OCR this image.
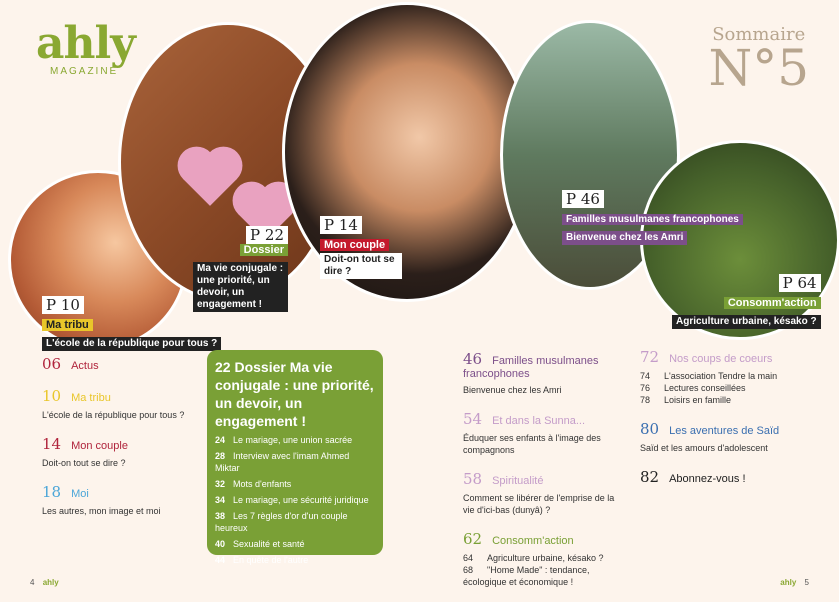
ahly
MAGAZINE
Sommaire
N°5
P 10
Ma tribu
L'école de la république pour tous ?
P 22

Dossier

Ma vie conjugale : une priorité, un devoir, un engagement !
P 14
Mon couple
Doit-on tout se dire ?
P 46
Familles musulmanes francophones
Bienvenue chez les Amri
P 64
Consomm'action
Agriculture urbaine, késako ?
06 Actus
10 Ma tribu
L'école de la république pour tous ?
14 Mon couple
Doit-on tout se dire ?
18 Moi
Les autres, mon image et moi
22 Dossier Ma vie conjugale : une priorité, un devoir, un engagement !
24 Le mariage, une union sacrée
28 Interview avec l'imam Ahmed Miktar
32 Mots d'enfants
34 Le mariage, une sécurité juridique
38 Les 7 règles d'or d'un couple heureux
40 Sexualité et santé
44 En quête de l'autre
46 Familles musulmanes francophones
Bienvenue chez les Amri
54 Et dans la Sunna...
Éduquer ses enfants à l'image des compagnons
58 Spiritualité
Comment se libérer de l'emprise de la vie d'ici-bas (dunyâ) ?
62 Consomm'action
64 Agriculture urbaine, késako ?
68 "Home Made" : tendance, écologique et économique !
72 Nos coups de coeurs
74 L'association Tendre la main
76 Lectures conseillées
78 Loisirs en famille
80 Les aventures de Saïd
Saïd et les amours d'adolescent
82 Abonnez-vous !
4 ahly	ahly 5
